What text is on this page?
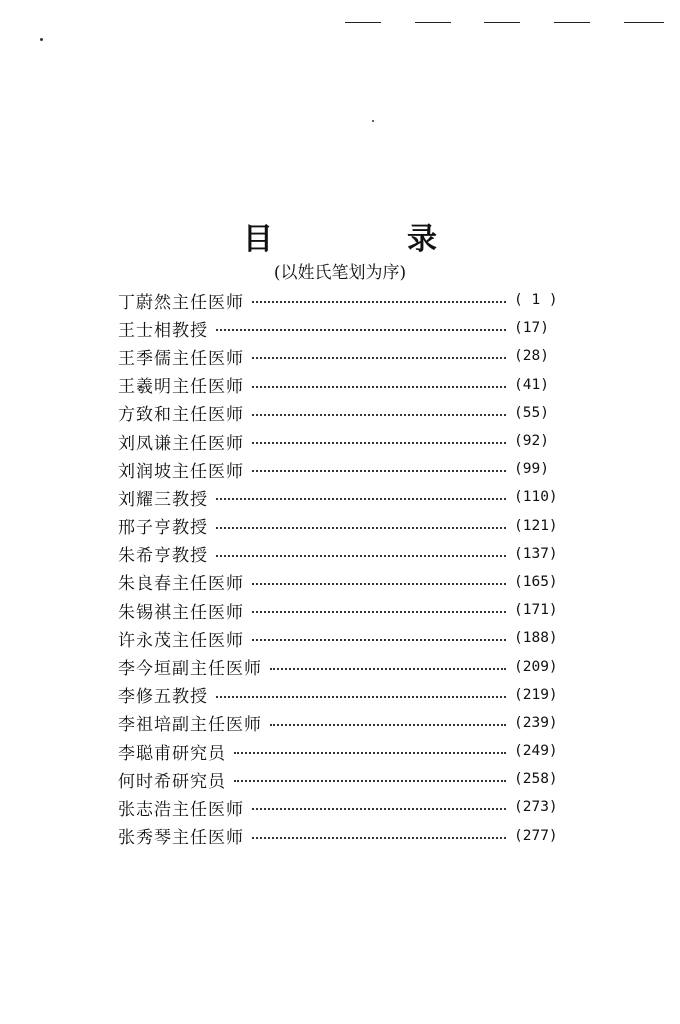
目　录
(以姓氏笔划为序)
丁蔚然主任医师	( 1 )
王士相教授	(17)
王季儒主任医师	(28)
王羲明主任医师	(41)
方致和主任医师	(55)
刘凤谦主任医师	(92)
刘润坡主任医师	(99)
刘耀三教授	(110)
邢子亨教授	(121)
朱希亨教授	(137)
朱良春主任医师	(165)
朱锡祺主任医师	(171)
许永茂主任医师	(188)
李今垣副主任医师	(209)
李修五教授	(219)
李祖培副主任医师	(239)
李聪甫研究员	(249)
何时希研究员	(258)
张志浩主任医师	(273)
张秀琴主任医师	(277)
